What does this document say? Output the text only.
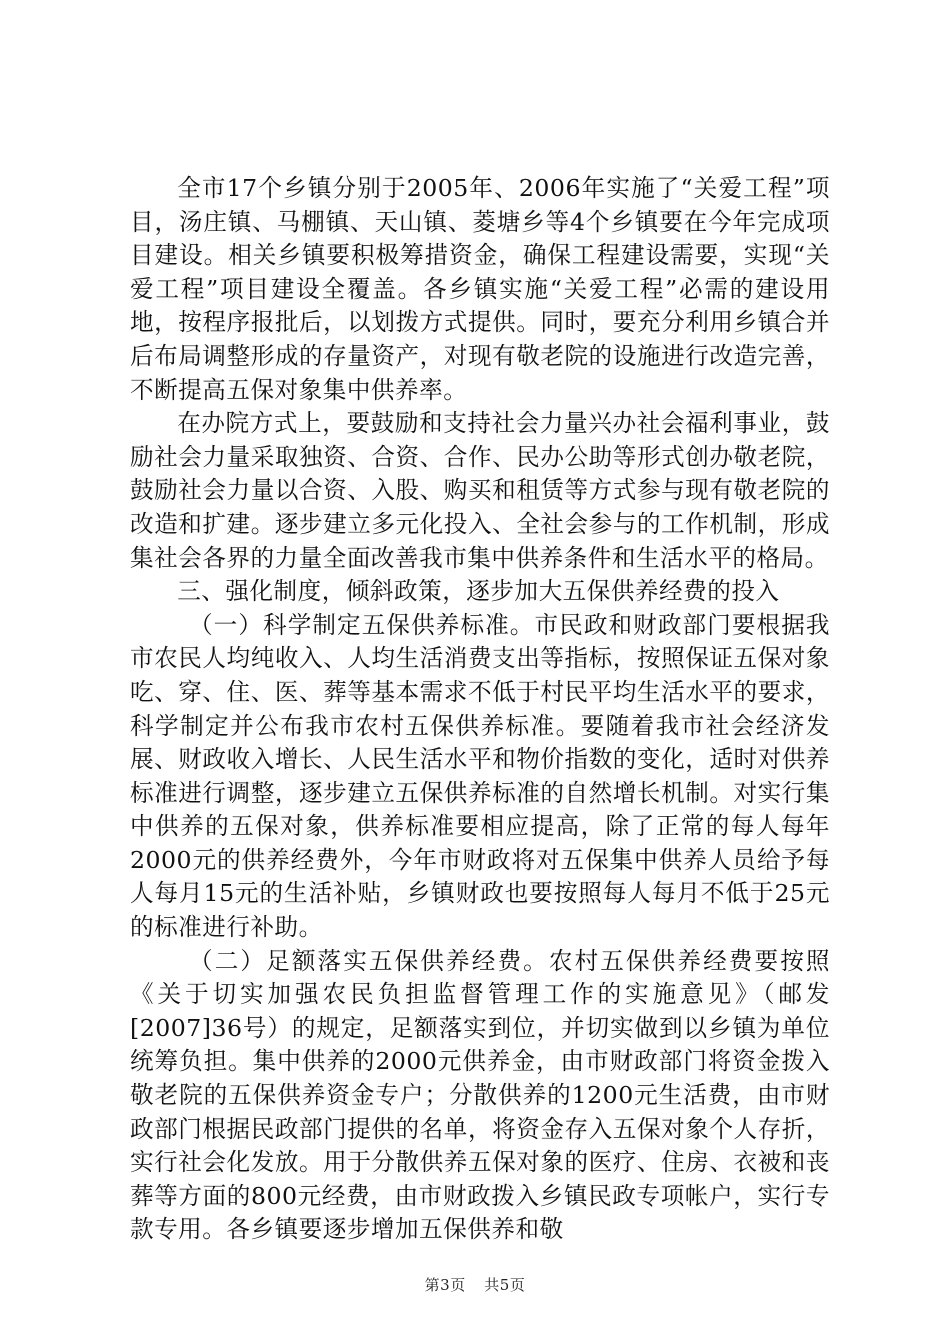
全市17个乡镇分别于2005年、2006年实施了“关爱工程”项目，汤庄镇、马棚镇、天山镇、菱塘乡等4个乡镇要在今年完成项目建设。相关乡镇要积极筹措资金，确保工程建设需要，实现“关爱工程”项目建设全覆盖。各乡镇实施“关爱工程”必需的建设用地，按程序报批后，以划拨方式提供。同时，要充分利用乡镇合并后布局调整形成的存量资产，对现有敬老院的设施进行改造完善，不断提高五保对象集中供养率。

在办院方式上，要鼓励和支持社会力量兴办社会福利事业，鼓励社会力量采取独资、合资、合作、民办公助等形式创办敬老院，鼓励社会力量以合资、入股、购买和租赁等方式参与现有敬老院的改造和扩建。逐步建立多元化投入、全社会参与的工作机制，形成集社会各界的力量全面改善我市集中供养条件和生活水平的格局。

三、强化制度，倾斜政策，逐步加大五保供养经费的投入

（一）科学制定五保供养标准。市民政和财政部门要根据我市农民人均纯收入、人均生活消费支出等指标，按照保证五保对象吃、穿、住、医、葬等基本需求不低于村民平均生活水平的要求，科学制定并公布我市农村五保供养标准。要随着我市社会经济发展、财政收入增长、人民生活水平和物价指数的变化，适时对供养标准进行调整，逐步建立五保供养标准的自然增长机制。对实行集中供养的五保对象，供养标准要相应提高，除了正常的每人每年2000元的供养经费外，今年市财政将对五保集中供养人员给予每人每月15元的生活补贴，乡镇财政也要按照每人每月不低于25元的标准进行补助。

（二）足额落实五保供养经费。农村五保供养经费要按照《关于切实加强农民负担监督管理工作的实施意见》（邮发[2007]36号）的规定，足额落实到位，并切实做到以乡镇为单位统筹负担。集中供养的2000元供养金，由市财政部门将资金拨入敬老院的五保供养资金专户；分散供养的1200元生活费，由市财政部门根据民政部门提供的名单，将资金存入五保对象个人存折，实行社会化发放。用于分散供养五保对象的医疗、住房、衣被和丧葬等方面的800元经费，由市财政拨入乡镇民政专项帐户，实行专款专用。各乡镇要逐步增加五保供养和敬

第3页 共5页
